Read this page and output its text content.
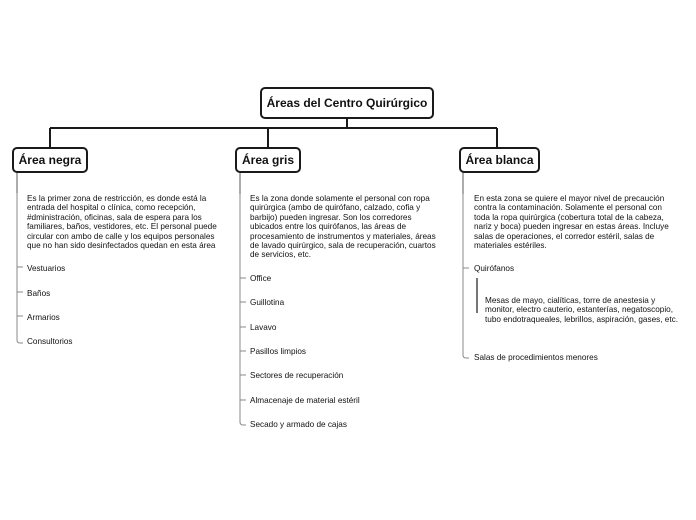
Áreas del Centro Quirúrgico
Área negra	Área gris	Área blanca

Es la primer zona de restricción, es donde está la entrada del hospital o clínica, como recepción, #dministración, oficinas, sala de espera para los familiares, baños, vestidores, etc. El personal puede circular con ambo de calle y los equipos personales que no han sido desinfectados quedan en esta área

Vestuarios
Baños
Armarios
Consultorios

Es la zona donde solamente el personal con ropa quirúrgica (ambo de quirófano, calzado, cofia y barbijo) pueden ingresar. Son los corredores ubicados entre los quirófanos, las áreas de procesamiento de instrumentos y materiales, áreas de lavado quirúrgico, sala de recuperación, cuartos de servicios, etc.

Office
Guillotina
Lavavo
Pasillos limpios
Sectores de recuperación
Almacenaje de material estéril
Secado y armado de cajas

En esta zona se quiere el mayor nivel de precaución contra la contaminación. Solamente el personal con toda la ropa quirúrgica (cobertura total de la cabeza, nariz y boca) pueden ingresar en estas áreas. Incluye salas de operaciones, el corredor estéril, salas de materiales estériles.

Quirófanos

Mesas de mayo, cialíticas, torre de anestesia y monitor, electro cauterio, estanterías, negatoscopio, tubo endotraqueales, lebrillos, aspiración, gases, etc.

Salas de procedimientos menores
